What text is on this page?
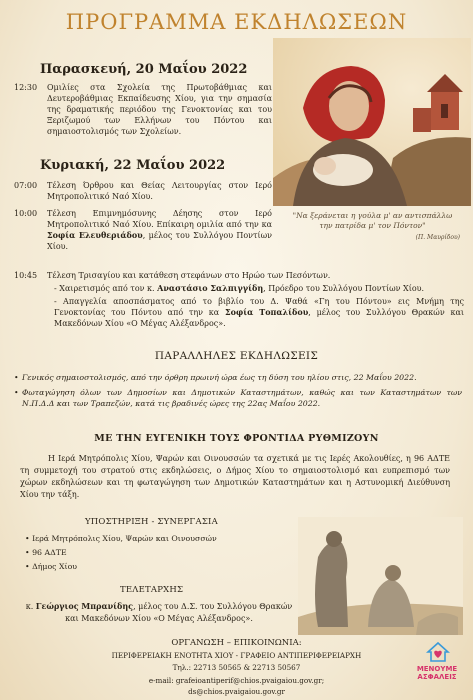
ΠΡΟΓΡΑΜΜΑ ΕΚΔΗΛΩΣΕΩΝ
"Να ξεράνεται η γούλα μ' αν αντισπάλλω την πατρίδα μ' τον Πόντον"
(Π. Μαυρίδου)
Παρασκευή, 20 Μαΐου 2022
12:30	Ομιλίες στα Σχολεία της Πρωτοβάθμιας και Δευτεροβάθμιας Εκπαίδευσης Χίου, για την σημασία της δραματικής περιόδου της Γενοκτονίας και του Ξεριζωμού των Ελλήνων του Πόντου και σημαιοστολισμός των Σχολείων.
Κυριακή, 22 Μαΐου 2022
07:00	Τέλεση Όρθρου και Θείας Λειτουργίας στον Ιερό Μητροπολιτικό Ναό Χίου.
10:00	Τέλεση Επιμνημόσυνης Δέησης στον Ιερό Μητροπολιτικό Ναό Χίου. Επίκαιρη ομιλία από την κα Σοφία Ελευθεριάδου, μέλος του Συλλόγου Ποντίων Χίου.
10:45	Τέλεση Τρισαγίου και κατάθεση στεφάνων στο Ηρώο των Πεσόντων.
- Χαιρετισμός από τον κ. Αναστάσιο Σαλπιγγίδη, Πρόεδρο του Συλλόγου Ποντίων Χίου.
- Απαγγελία αποσπάσματος από το βιβλίο του Δ. Ψαθά «Γη του Πόντου» εις Μνήμη της Γενοκτονίας του Πόντου από την κα Σοφία Τοπαλίδου, μέλος του Συλλόγου Θρακών και Μακεδόνων Χίου «Ο Μέγας Αλέξανδρος».
ΠΑΡΑΛΛΗΛΕΣ ΕΚΔΗΛΩΣΕΙΣ
• Γενικός σημαιοστολισμός, από την όρθρη πρωινή ώρα έως τη δύση του ηλίου στις, 22 Μαΐου 2022.
• Φωταγώγηση όλων των Δημοσίων και Δημοτικών Καταστημάτων, καθώς και των Καταστημάτων των Ν.Π.Δ.Δ και των Τραπεζών, κατά τις βραδινές ώρες της 22ας Μαΐου 2022.
ΜΕ ΤΗΝ ΕΥΓΕΝΙΚΗ ΤΟΥΣ ΦΡΟΝΤΙΔΑ ΡΥΘΜΙΖΟΥΝ
Η Ιερά Μητρόπολις Χίου, Ψαρών και Οινουσσών τα σχετικά με τις Ιερές Ακολουθίες, η 96 ΑΔΤΕ τη συμμετοχή του στρατού στις εκδηλώσεις, ο Δήμος Χίου το σημαιοστολισμό και ευπρεπισμό των χώρων εκδηλώσεων και τη φωταγώγηση των Δημοτικών Καταστημάτων και η Αστυνομική Διεύθυνση Χίου την τάξη.
ΥΠΟΣΤΗΡΙΞΗ - ΣΥΝΕΡΓΑΣΙΑ
• Ιερά Μητρόπολις Χίου, Ψαρών και Οινουσσών
• 96 ΑΔΤΕ
• Δήμος Χίου
ΤΕΛΕΤΑΡΧΗΣ
κ. Γεώργιος Μπρανίδης, μέλος του Δ.Σ. του Συλλόγου Θρακών και Μακεδόνων Χίου «Ο Μέγας Αλέξανδρος».
ΟΡΓΑΝΩΣΗ – ΕΠΙΚΟΙΝΩΝΙΑ:
ΠΕΡΙΦΕΡΕΙΑΚΗ ΕΝΟΤΗΤΑ ΧΙΟΥ - ΓΡΑΦΕΙΟ ΑΝΤΙΠΕΡΙΦΕΡΕΙΑΡΧΗ
Τηλ.: 22713 50565 & 22713 50567
e-mail: grafeioantiperif@chios.pvaigaiou.gov.gr;
ds@chios.pvaigaiou.gov.gr
ΜΕΝΟΥΜΕ ΑΣΦΑΛΕΙΣ
